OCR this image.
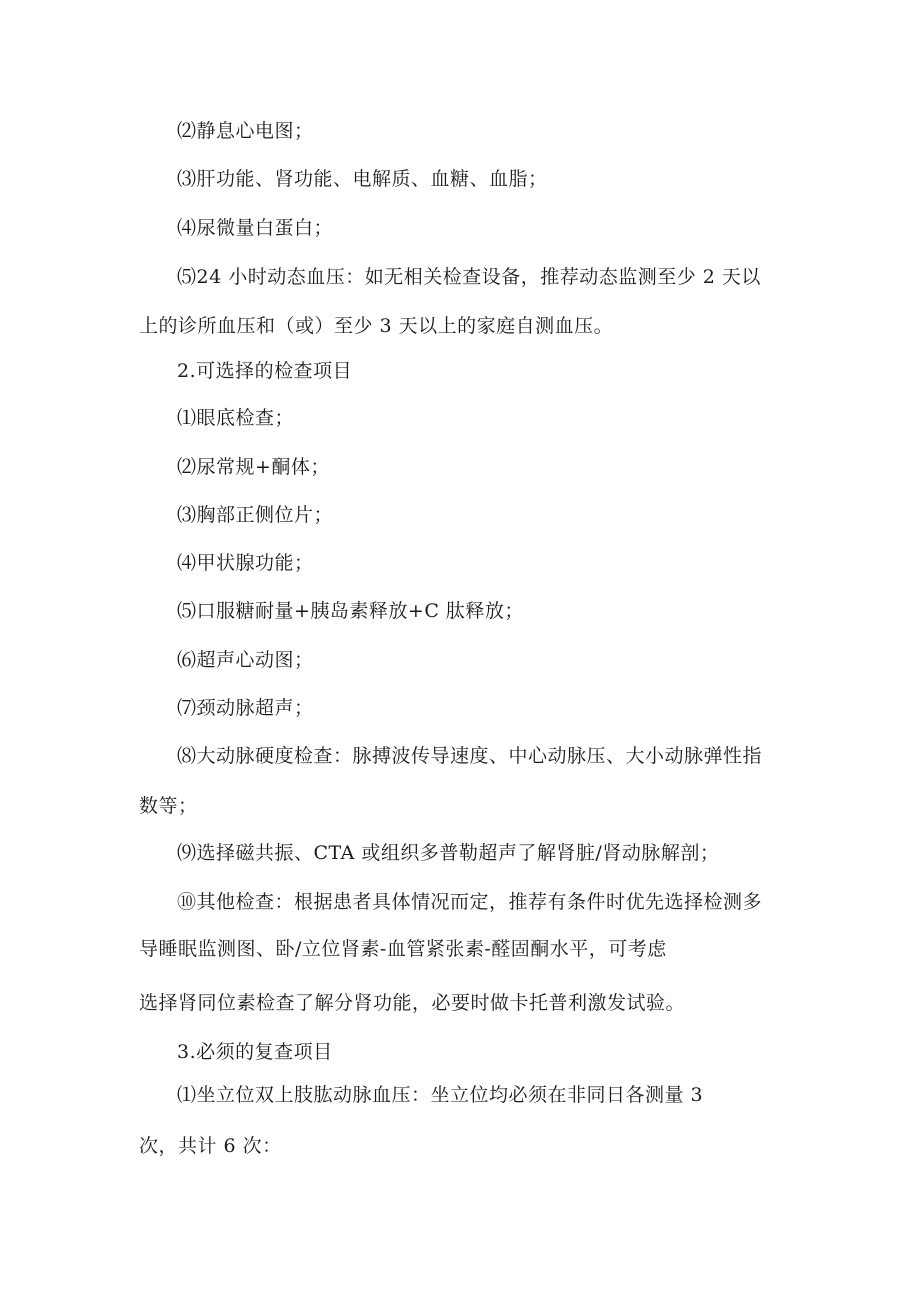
⑵静息心电图；
⑶肝功能、肾功能、电解质、血糖、血脂；
⑷尿微量白蛋白；
⑸24 小时动态血压：如无相关检查设备，推荐动态监测至少 2 天以
上的诊所血压和（或）至少 3 天以上的家庭自测血压。
2.可选择的检查项目
⑴眼底检查；
⑵尿常规+酮体；
⑶胸部正侧位片；
⑷甲状腺功能；
⑸口服糖耐量+胰岛素释放+C 肽释放；
⑹超声心动图；
⑺颈动脉超声；
⑻大动脉硬度检查：脉搏波传导速度、中心动脉压、大小动脉弹性指
数等；
⑼选择磁共振、CTA 或组织多普勒超声了解肾脏/肾动脉解剖；
⑩其他检查：根据患者具体情况而定，推荐有条件时优先选择检测多
导睡眠监测图、卧/立位肾素-血管紧张素-醛固酮水平，可考虑
选择肾同位素检查了解分肾功能，必要时做卡托普利激发试验。
3.必须的复查项目
⑴坐立位双上肢肱动脉血压：坐立位均必须在非同日各测量 3
次，共计 6 次：
